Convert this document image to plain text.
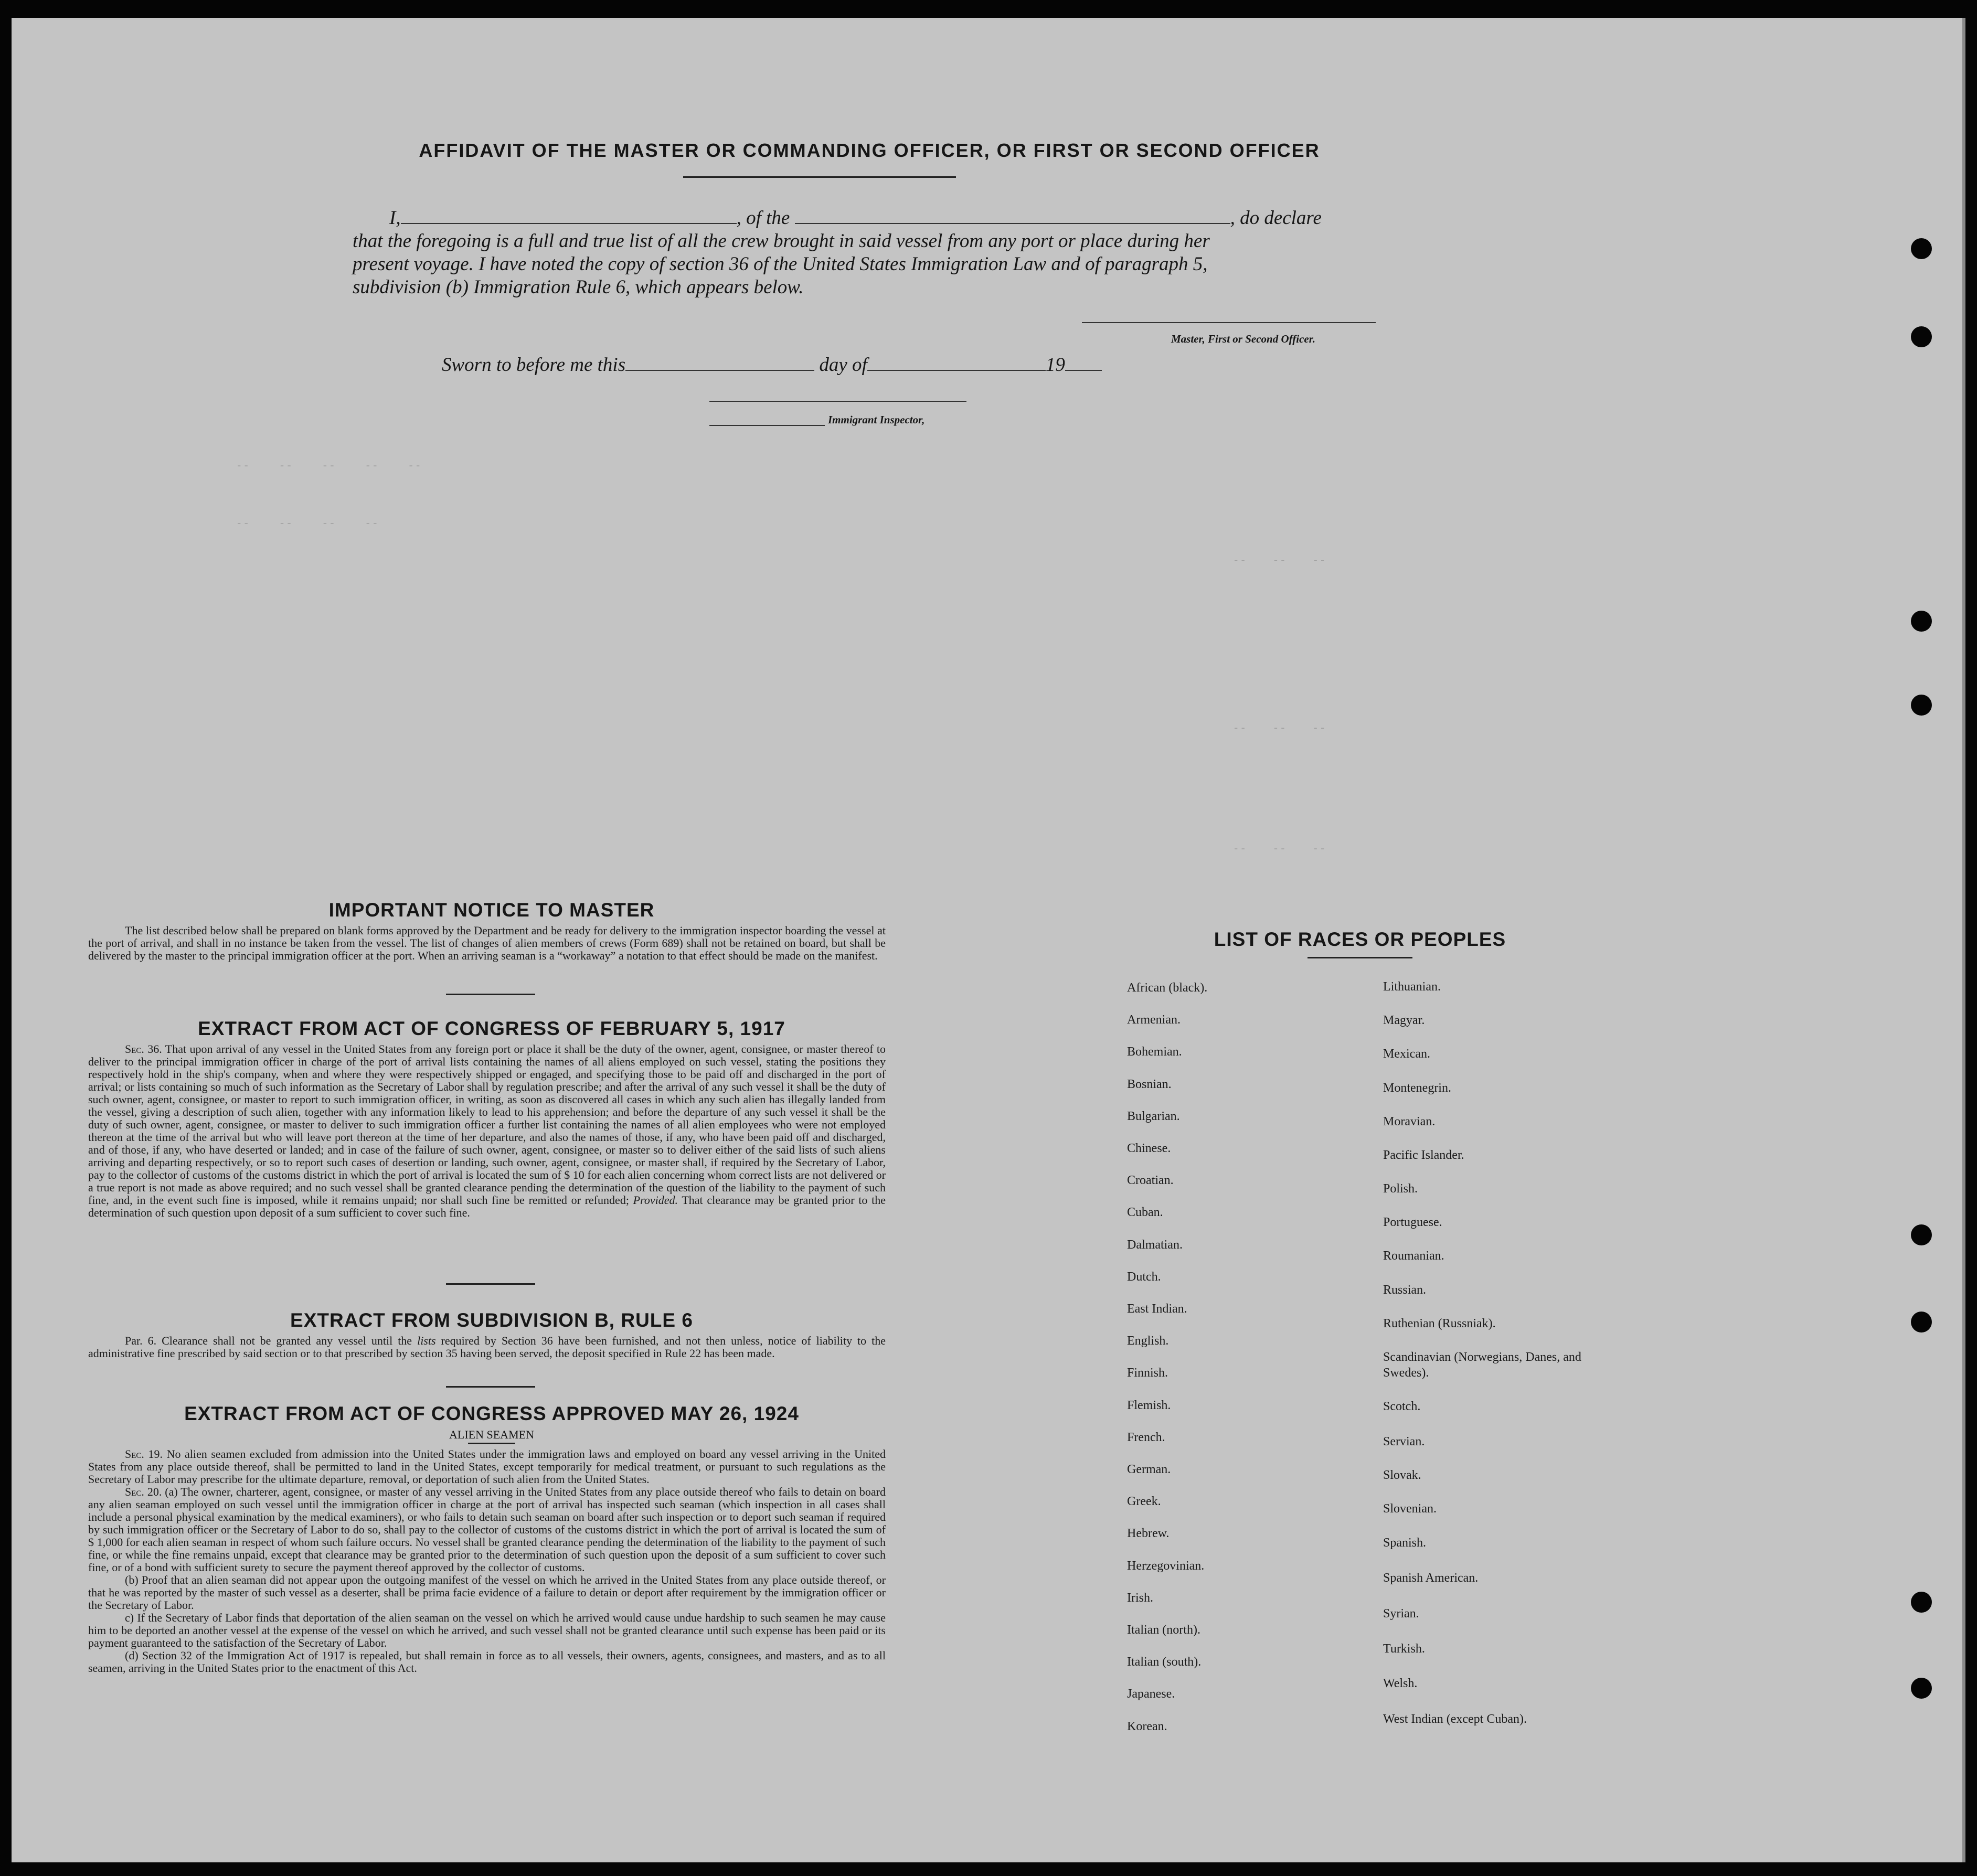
- -          - -          - -          - -          - -
- -          - -          - -          - -
- -         - -         - -
- -         - -         - -
- -         - -         - -
AFFIDAVIT OF THE MASTER OR COMMANDING OFFICER, OR FIRST OR SECOND OFFICER
I,	, of the	, do declare
that the foregoing is a full and true list of all the crew brought in said vessel from any port or place during her
present voyage. I have noted the copy of section 36 of the United States Immigration Law and of paragraph 5,
subdivision (b) Immigration Rule 6, which appears below.
Master, First or Second Officer.
Sworn to before me this	day of	19
Immigrant Inspector,
IMPORTANT NOTICE TO MASTER
The list described below shall be prepared on blank forms approved by the Department and be ready for delivery to the immigration inspector boarding the vessel at the port of arrival, and shall in no instance be taken from the vessel. The list of changes of alien members of crews (Form 689) shall not be retained on board, but shall be delivered by the master to the principal immigration officer at the port. When an arriving seaman is a “workaway” a notation to that effect should be made on the manifest.
EXTRACT FROM ACT OF CONGRESS OF FEBRUARY 5, 1917
Sec. 36. That upon arrival of any vessel in the United States from any foreign port or place it shall be the duty of the owner, agent, consignee, or master thereof to deliver to the principal immigration officer in charge of the port of arrival lists containing the names of all aliens employed on such vessel, stating the positions they respectively hold in the ship's company, when and where they were respectively shipped or engaged, and specifying those to be paid off and discharged in the port of arrival; or lists containing so much of such information as the Secretary of Labor shall by regulation prescribe; and after the arrival of any such vessel it shall be the duty of such owner, agent, consignee, or master to report to such immigration officer, in writing, as soon as discovered all cases in which any such alien has illegally landed from the vessel, giving a description of such alien, together with any information likely to lead to his apprehension; and before the departure of any such vessel it shall be the duty of such owner, agent, consignee, or master to deliver to such immigration officer a further list containing the names of all alien employees who were not employed thereon at the time of the arrival but who will leave port thereon at the time of her departure, and also the names of those, if any, who have been paid off and discharged, and of those, if any, who have deserted or landed; and in case of the failure of such owner, agent, consignee, or master so to deliver either of the said lists of such aliens arriving and departing respectively, or so to report such cases of desertion or landing, such owner, agent, consignee, or master shall, if required by the Secretary of Labor, pay to the collector of customs of the customs district in which the port of arrival is located the sum of $ 10 for each alien concerning whom correct lists are not delivered or a true report is not made as above required; and no such vessel shall be granted clearance pending the determination of the question of the liability to the payment of such fine, and, in the event such fine is imposed, while it remains unpaid; nor shall such fine be remitted or refunded; Provided. That clearance may be granted prior to the determination of such question upon deposit of a sum sufficient to cover such fine.
EXTRACT FROM SUBDIVISION B, RULE 6
Par. 6. Clearance shall not be granted any vessel until the lists required by Section 36 have been furnished, and not then unless, notice of liability to the administrative fine prescribed by said section or to that prescribed by section 35 having been served, the deposit specified in Rule 22 has been made.
EXTRACT FROM ACT OF CONGRESS APPROVED MAY 26, 1924
ALIEN SEAMEN
Sec. 19. No alien seamen excluded from admission into the United States under the immigration laws and employed on board any vessel arriving in the United States from any place outside thereof, shall be permitted to land in the United States, except temporarily for medical treatment, or pursuant to such regulations as the Secretary of Labor may prescribe for the ultimate departure, removal, or deportation of such alien from the United States.
Sec. 20. (a) The owner, charterer, agent, consignee, or master of any vessel arriving in the United States from any place outside thereof who fails to detain on board any alien seaman employed on such vessel until the immigration officer in charge at the port of arrival has inspected such seaman (which inspection in all cases shall include a personal physical examination by the medical examiners), or who fails to detain such seaman on board after such inspection or to deport such seaman if required by such immigration officer or the Secretary of Labor to do so, shall pay to the collector of customs of the customs district in which the port of arrival is located the sum of $ 1,000 for each alien seaman in respect of whom such failure occurs. No vessel shall be granted clearance pending the determination of the liability to the payment of such fine, or while the fine remains unpaid, except that clearance may be granted prior to the determination of such question upon the deposit of a sum sufficient to cover such fine, or of a bond with sufficient surety to secure the payment thereof approved by the collector of customs.
(b) Proof that an alien seaman did not appear upon the outgoing manifest of the vessel on which he arrived in the United States from any place outside thereof, or that he was reported by the master of such vessel as a deserter, shall be prima facie evidence of a failure to detain or deport after requirement by the immigration officer or the Secretary of Labor.
c) If the Secretary of Labor finds that deportation of the alien seaman on the vessel on which he arrived would cause undue hardship to such seamen he may cause him to be deported an another vessel at the expense of the vessel on which he arrived, and such vessel shall not be granted clearance until such expense has been paid or its payment guaranteed to the satisfaction of the Secretary of Labor.
(d) Section 32 of the Immigration Act of 1917 is repealed, but shall remain in force as to all vessels, their owners, agents, consignees, and masters, and as to all seamen, arriving in the United States prior to the enactment of this Act.
LIST OF RACES OR PEOPLES
African (black).
Armenian.
Bohemian.
Bosnian.
Bulgarian.
Chinese.
Croatian.
Cuban.
Dalmatian.
Dutch.
East Indian.
English.
Finnish.
Flemish.
French.
German.
Greek.
Hebrew.
Herzegovinian.
Irish.
Italian (north).
Italian (south).
Japanese.
Korean.
Lithuanian.
Magyar.
Mexican.
Montenegrin.
Moravian.
Pacific Islander.
Polish.
Portuguese.
Roumanian.
Russian.
Ruthenian (Russniak).
Scandinavian (Norwegians, Danes, and Swedes).
Scotch.
Servian.
Slovak.
Slovenian.
Spanish.
Spanish American.
Syrian.
Turkish.
Welsh.
West Indian (except Cuban).
